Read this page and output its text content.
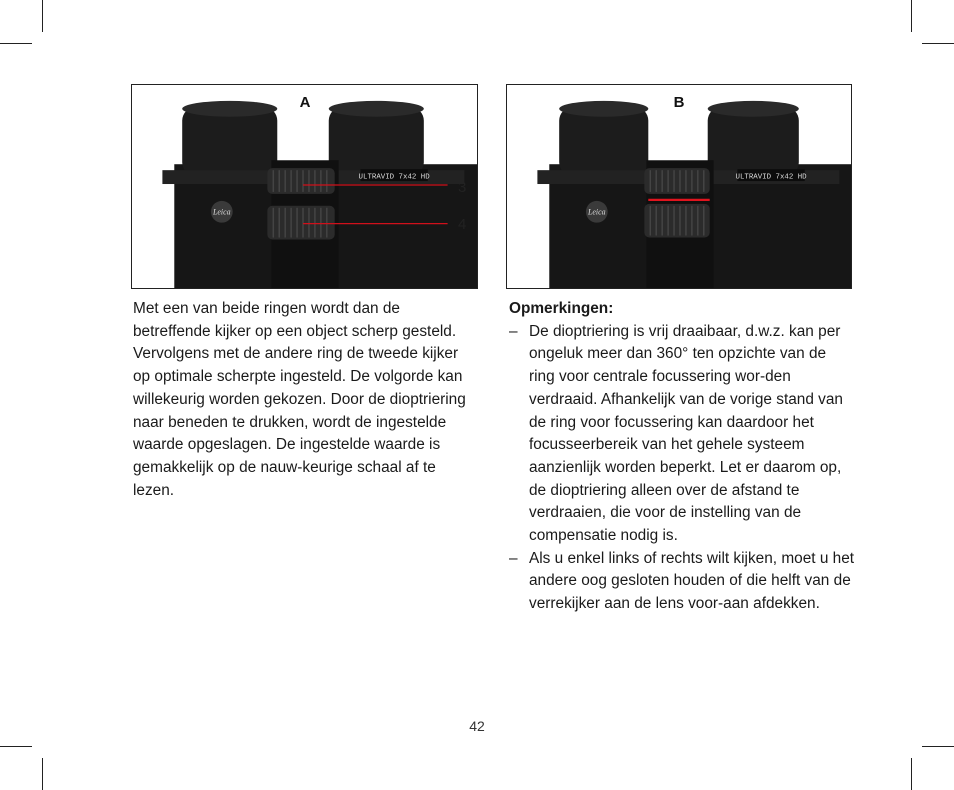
ULTRAVID 7x42 HD
Leica
A
3
4
ULTRAVID 7x42 HD
Leica
B

Met een van beide ringen wordt dan de betreffende kijker op een object scherp gesteld. Vervolgens met de andere ring de tweede kijker op optimale scherpte ingesteld. De volgorde kan willekeurig worden gekozen. Door de dioptriering naar beneden te drukken, wordt de ingestelde waarde opgeslagen. De ingestelde waarde is gemakkelijk op de nauw-keurige schaal af te lezen.

Opmerkingen:
– De dioptriering is vrij draaibaar, d.w.z. kan per ongeluk meer dan 360° ten opzichte van de ring voor centrale focussering wor-den verdraaid. Afhankelijk van de vorige stand van de ring voor focussering kan daardoor het focusseerbereik van het gehele systeem aanzienlijk worden beperkt. Let er daarom op, de dioptriering alleen over de afstand te verdraaien, die voor de instelling van de compensatie nodig is.
– Als u enkel links of rechts wilt kijken, moet u het andere oog gesloten houden of die helft van de verrekijker aan de lens voor-aan afdekken.
42
